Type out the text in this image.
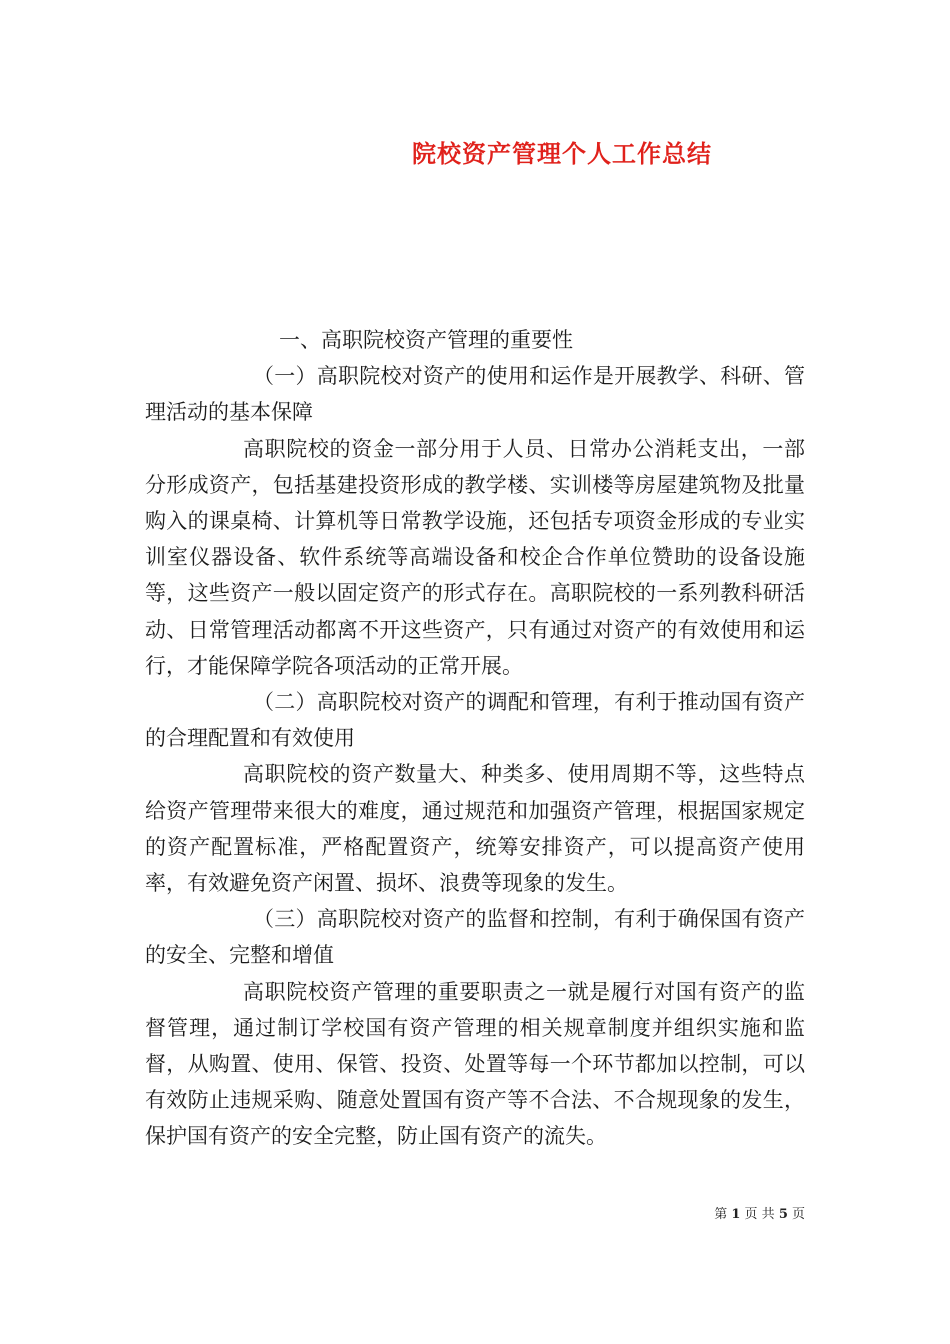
院校资产管理个人工作总结

一、高职院校资产管理的重要性

（一）高职院校对资产的使用和运作是开展教学、科研、管理活动的基本保障

高职院校的资金一部分用于人员、日常办公消耗支出，一部分形成资产，包括基建投资形成的教学楼、实训楼等房屋建筑物及批量购入的课桌椅、计算机等日常教学设施，还包括专项资金形成的专业实训室仪器设备、软件系统等高端设备和校企合作单位赞助的设备设施等，这些资产一般以固定资产的形式存在。高职院校的一系列教科研活动、日常管理活动都离不开这些资产，只有通过对资产的有效使用和运行，才能保障学院各项活动的正常开展。

（二）高职院校对资产的调配和管理，有利于推动国有资产的合理配置和有效使用

高职院校的资产数量大、种类多、使用周期不等，这些特点给资产管理带来很大的难度，通过规范和加强资产管理，根据国家规定的资产配置标准，严格配置资产，统筹安排资产，可以提高资产使用率，有效避免资产闲置、损坏、浪费等现象的发生。

（三）高职院校对资产的监督和控制，有利于确保国有资产的安全、完整和增值

高职院校资产管理的重要职责之一就是履行对国有资产的监督管理，通过制订学校国有资产管理的相关规章制度并组织实施和监督，从购置、使用、保管、投资、处置等每一个环节都加以控制，可以有效防止违规采购、随意处置国有资产等不合法、不合规现象的发生，保护国有资产的安全完整，防止国有资产的流失。

第 1 页 共 5 页
